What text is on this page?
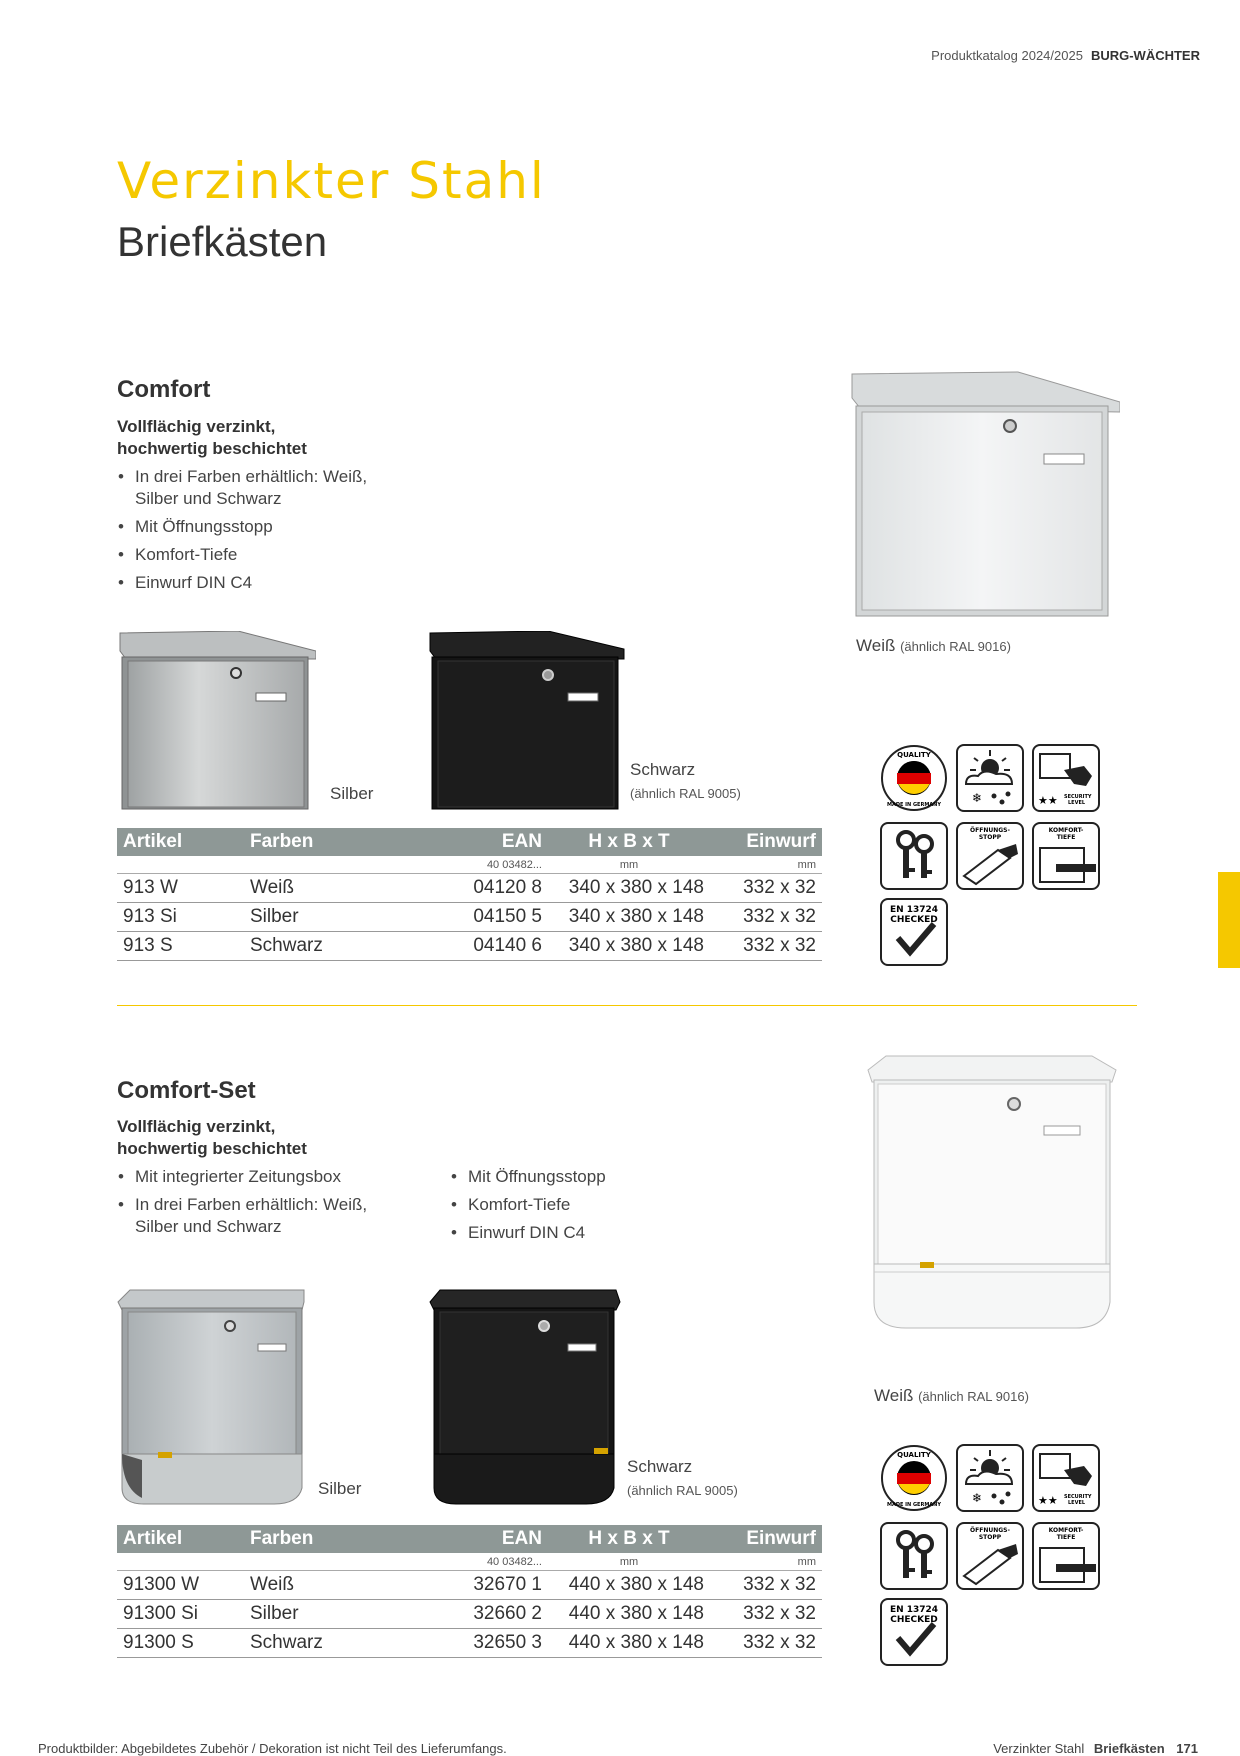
Produktkatalog 2024/2025 BURG-WÄCHTER
Verzinkter Stahl
Briefkästen
Comfort
Vollflächig verzinkt, hochwertig beschichtet
• In drei Farben erhältlich: Weiß, Silber und Schwarz
• Mit Öffnungsstopp
• Komfort-Tiefe
• Einwurf DIN C4
Weiß (ähnlich RAL 9016)
Silber
Schwarz
(ähnlich RAL 9005)
Artikel	Farben	EAN	H x B x T	Einwurf
		40 03482...	mm	mm
913 W	Weiß	04120 8	340 x 380 x 148	332 x 32
913 Si	Silber	04150 5	340 x 380 x 148	332 x 32
913 S	Schwarz	04140 6	340 x 380 x 148	332 x 32
QUALITY
MADE IN GERMANY	❄	★★ SECURITY
LEVEL
ÖFFNUNGS-
STOPP
KOMFORT-
TIEFE
EN 13724
CHECKED
Comfort-Set
Vollflächig verzinkt, hochwertig beschichtet
• Mit integrierter Zeitungsbox
• In drei Farben erhältlich: Weiß, Silber und Schwarz
• Mit Öffnungsstopp
• Komfort-Tiefe
• Einwurf DIN C4
Weiß (ähnlich RAL 9016)
Silber
Schwarz
(ähnlich RAL 9005)
Artikel	Farben	EAN	H x B x T	Einwurf
		40 03482...	mm	mm
91300 W	Weiß	32670 1	440 x 380 x 148	332 x 32
91300 Si	Silber	32660 2	440 x 380 x 148	332 x 32
91300 S	Schwarz	32650 3	440 x 380 x 148	332 x 32
QUALITY
MADE IN GERMANY	❄	★★ SECURITY
LEVEL
ÖFFNUNGS-
STOPP
KOMFORT-
TIEFE
EN 13724
CHECKED
Produktbilder: Abgebildetes Zubehör / Dekoration ist nicht Teil des Lieferumfangs.	Verzinkter Stahl Briefkästen 171
